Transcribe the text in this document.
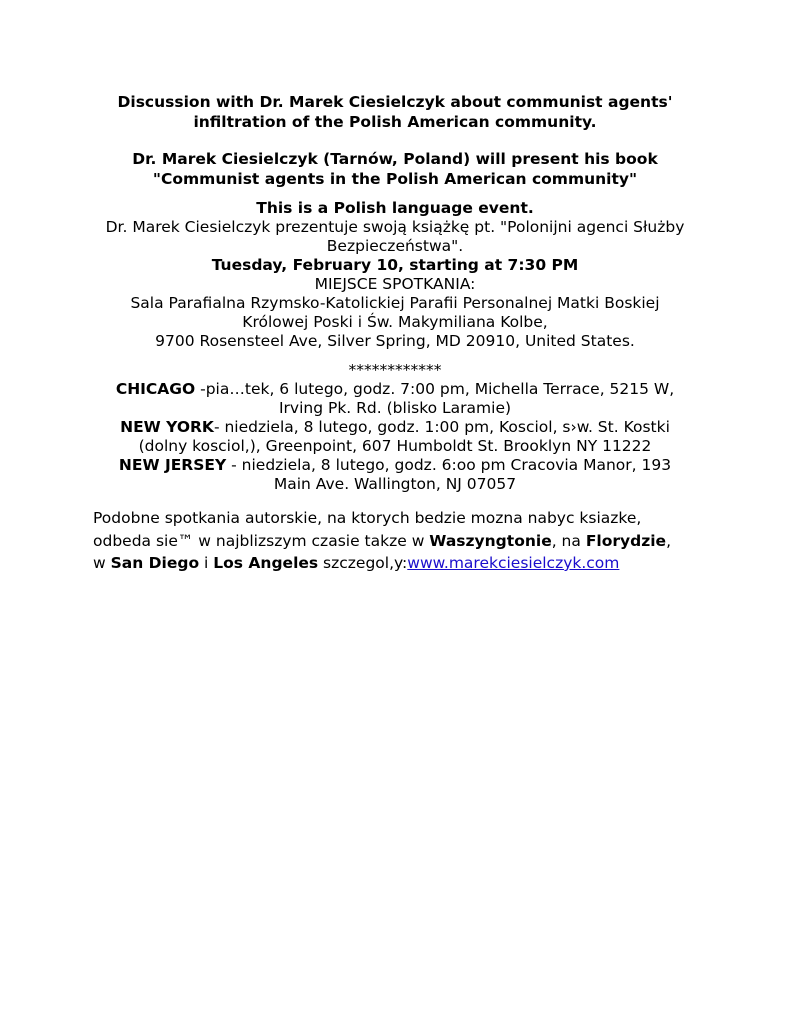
Discussion with Dr. Marek Ciesielczyk about communist agents'
infiltration of the Polish American community.
Dr. Marek Ciesielczyk (Tarnów, Poland) will present his book
"Communist agents in the Polish American community"
This is a Polish language event.
Dr. Marek Ciesielczyk prezentuje swoją książkę pt. "Polonijni agenci Służby
Bezpieczeństwa".
Tuesday, February 10, starting at 7:30 PM
MIEJSCE SPOTKANIA:
Sala Parafialna Rzymsko-Katolickiej Parafii Personalnej Matki Boskiej
Królowej Poski i Św. Makymiliana Kolbe,
9700 Rosensteel Ave, Silver Spring, MD 20910, United States.
************
CHICAGO -pia…tek, 6 lutego, godz. 7:00 pm, Michella Terrace, 5215 W,
Irving Pk. Rd. (blisko Laramie)
NEW YORK- niedziela, 8 lutego, godz. 1:00 pm, Kosciol, s›w. St. Kostki
(dolny kosciol,), Greenpoint, 607 Humboldt St. Brooklyn NY 11222
NEW JERSEY - niedziela, 8 lutego, godz. 6:oo pm Cracovia Manor, 193
Main Ave. Wallington, NJ 07057
Podobne spotkania autorskie, na ktorych bedzie mozna nabyc ksiazke,
odbeda sie™ w najblizszym czasie takze w Waszyngtonie, na Florydzie,
w San Diego i Los Angeles szczegol,y:www.marekciesielczyk.com
